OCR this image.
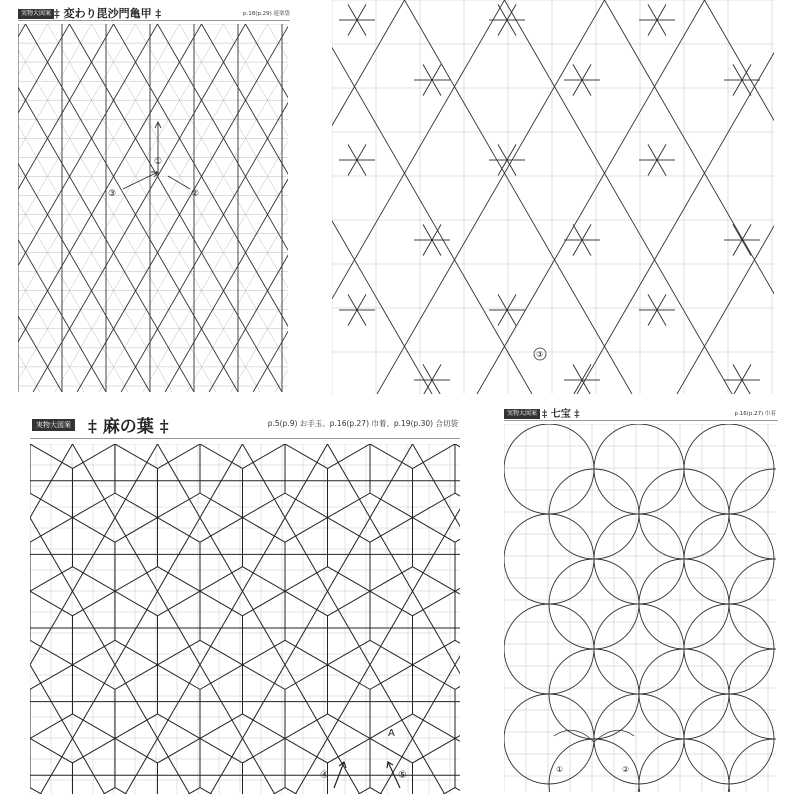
実物大図案 ‡ 変わり毘沙門亀甲 ‡	p.18(p.29) 遊楽袋
①
②
③
③
実物大図案 ‡ 麻の葉 ‡	p.5(p.9) お手玉、p.16(p.27) 巾着、p.19(p.30) 合切袋
A
④	⑤
実物大図案 ‡ 七宝 ‡	p.16(p.27) 巾着
①	②
